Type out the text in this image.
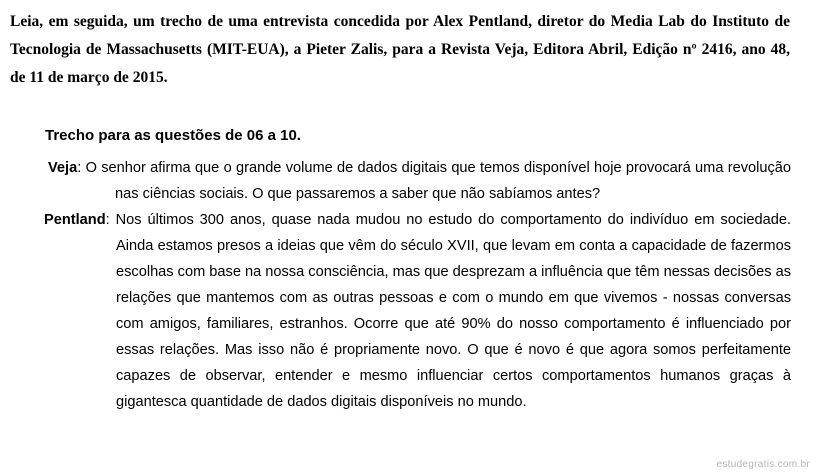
Leia, em seguida, um trecho de uma entrevista concedida por Alex Pentland, diretor do Media Lab do Instituto de Tecnologia de Massachusetts (MIT-EUA), a Pieter Zalis, para a Revista Veja, Editora Abril, Edição nº 2416, ano 48, de 11 de março de 2015.

Trecho para as questões de 06 a 10.

Veja: O senhor afirma que o grande volume de dados digitais que temos disponível hoje provocará uma revolução nas ciências sociais. O que passaremos a saber que não sabíamos antes?

Pentland: Nos últimos 300 anos, quase nada mudou no estudo do comportamento do indivíduo em sociedade. Ainda estamos presos a ideias que vêm do século XVII, que levam em conta a capacidade de fazermos escolhas com base na nossa consciência, mas que desprezam a influência que têm nessas decisões as relações que mantemos com as outras pessoas e com o mundo em que vivemos - nossas conversas com amigos, familiares, estranhos. Ocorre que até 90% do nosso comportamento é influenciado por essas relações. Mas isso não é propriamente novo. O que é novo é que agora somos perfeitamente capazes de observar, entender e mesmo influenciar certos comportamentos humanos graças à gigantesca quantidade de dados digitais disponíveis no mundo.

estudegratis.com.br
